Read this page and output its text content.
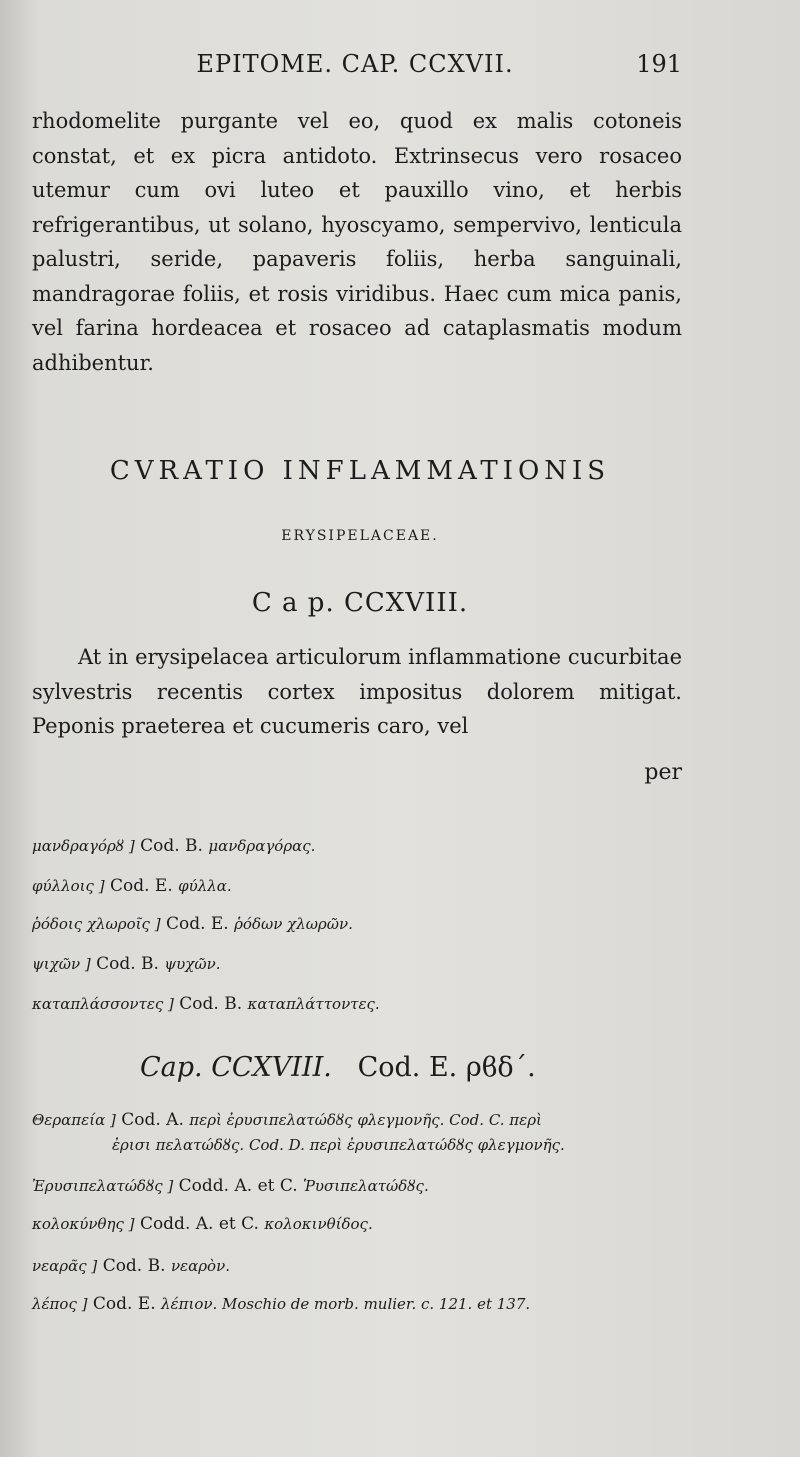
EPITOME. CAP. CCXVII.	191

rhodomelite purgante vel eo, quod ex malis cotoneis constat, et ex picra antidoto. Extrinsecus vero rosaceo utemur cum ovi luteo et pauxillo vino, et herbis refrigerantibus, ut solano, hyoscyamo, sempervivo, lenticula palustri, seride, papaveris foliis, herba sanguinali, mandragorae foliis, et rosis viridibus. Haec cum mica panis, vel farina hordeacea et rosaceo ad cataplasmatis modum adhibentur.

CVRATIO INFLAMMATIONIS
ERYSIPELACEAE.
C a p. CCXVIII.

At in erysipelacea articulorum inflammatione cucurbitae sylvestris recentis cortex impositus dolorem mitigat. Peponis praeterea et cucumeris caro, vel

per

μανδραγόρȣ ] Cod. B. μανδραγόρας.

φύλλοις ] Cod. E. φύλλα.

ῥόδοις χλωροῖς ] Cod. E. ῥόδων χλωρῶν.

ψιχῶν ] Cod. B. ψυχῶν.

καταπλάσσοντες ] Cod. B. καταπλάττοντες.

Cap. CCXVIII. Cod. E. ρϐδ΄.

Θεραπεία ] Cod. A. περὶ ἐρυσιπελατώδȣς φλεγμονῆς. Cod. C. περὶ
ἐρισι πελατώδȣς. Cod. D. περὶ ἐρυσιπελατώδȣς φλεγμονῆς.

Ἐρυσιπελατώδȣς ] Codd. A. et C. Ῥυσιπελατώδȣς.

κολοκύνθης ] Codd. A. et C. κολοκινθίδος.

νεαρᾶς ] Cod. B. νεαρὸν.

λέπος ] Cod. E. λέπιον. Moschio de morb. mulier. c. 121. et 137.
